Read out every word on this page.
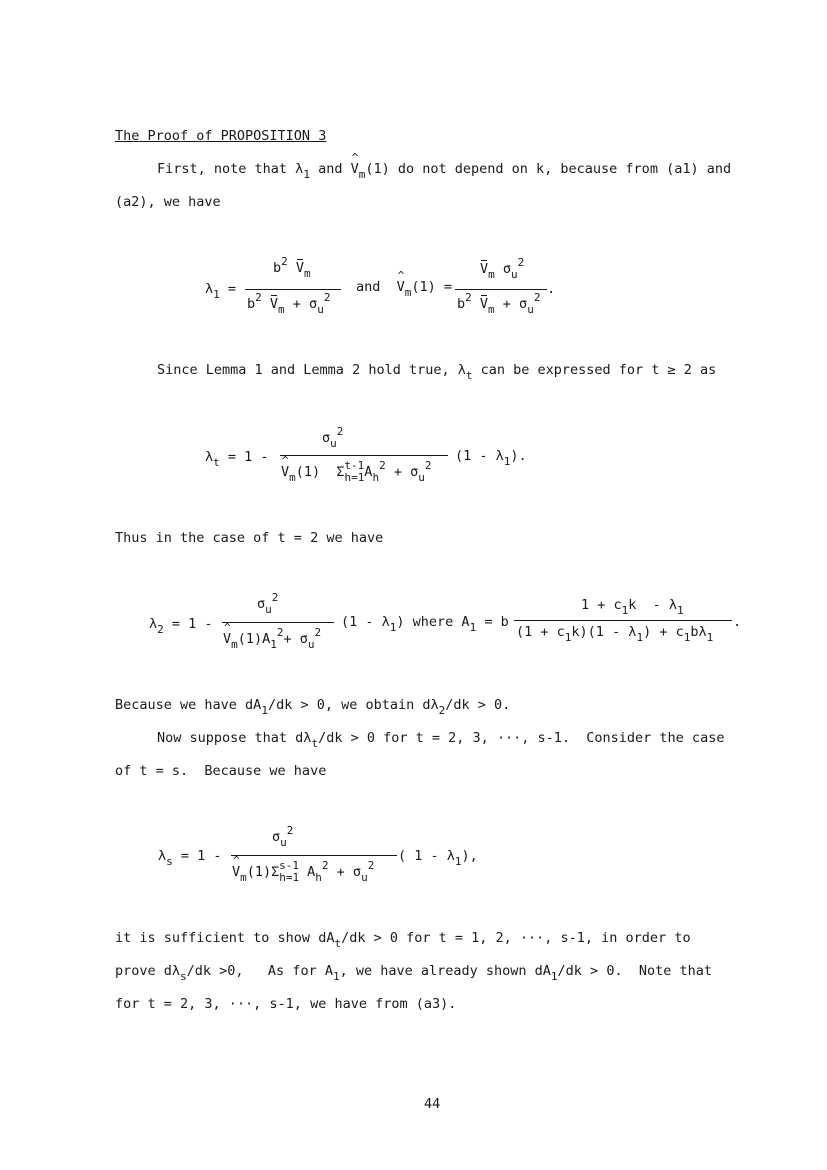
The Proof of PROPOSITION 3
First, note that $\lambda_1$ and ^ $V_m(1)$ do not depend on k, because from (a1) and
(a2), we have
$\lambda_1$ =
$b^2$ $V_m$
$b^2$ $V_m + \sigma_u^2$
and  ^ $V_m(1)$ =
$V_m$ $\sigma_u^2$
$b^2$ $V_m + \sigma_u^2$
.
Since Lemma 1 and Lemma 2 hold true, $\lambda_t$ can be expressed for t ≥ 2 as
$\lambda_t = 1$ -
$\sigma_u^2$
^ $V_m(1) \Sigma_{h=1}^{t-1}A_h^2 + \sigma_u^2$
$(1 - \lambda_1)$.
Thus in the case of t = 2 we have
$\lambda_2 = 1$ -
$\sigma_u^2$
^ $V_m(1)A_1^2+ \sigma_u^2$
$(1 - \lambda_1)$ where $A_1 = b$
$1 + c_1k - \lambda_1$
$(1 + c_1k)(1 - \lambda_1) + c_1b\lambda_1$
.
Because we have $dA_1/dk > 0$, we obtain $d\lambda_2/dk > 0$.
Now suppose that $d\lambda_t/dk > 0$ for t = 2, 3, ···, s-1.  Consider the case
of t = s.  Because we have
$\lambda_s = 1$ -
$\sigma_u^2$
^ $V_m(1)\Sigma_{h=1}^{s-1}$ $A_h^2 + \sigma_u^2$
( $1 - \lambda_1$),
it is sufficient to show $dA_t/dk > 0$ for t = 1, 2, ···, s-1, in order to
prove $d\lambda_s/dk >0$,   As for $A_1$, we have already shown $dA_1/dk > 0$.  Note that
for t = 2, 3, ···, s-1, we have from (a3).
44
